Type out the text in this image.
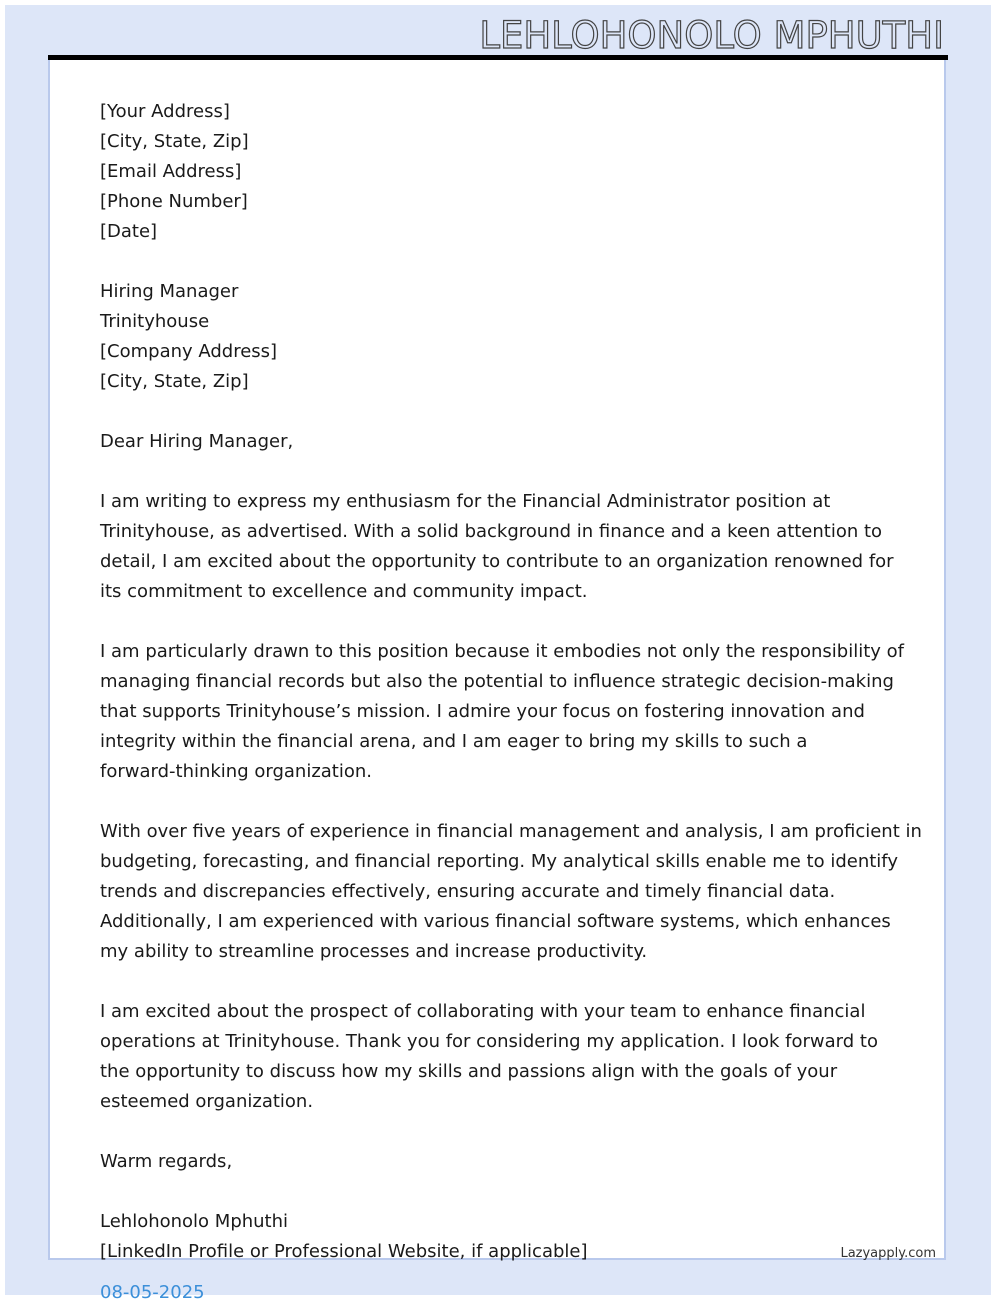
LEHLOHONOLO MPHUTHI
[Your Address]
[City, State, Zip]
[Email Address]
[Phone Number]
[Date]
Hiring Manager
Trinityhouse
[Company Address]
[City, State, Zip]
Dear Hiring Manager,
I am writing to express my enthusiasm for the Financial Administrator position at
Trinityhouse, as advertised. With a solid background in finance and a keen attention to
detail, I am excited about the opportunity to contribute to an organization renowned for
its commitment to excellence and community impact.
I am particularly drawn to this position because it embodies not only the responsibility of
managing financial records but also the potential to influence strategic decision-making
that supports Trinityhouse’s mission. I admire your focus on fostering innovation and
integrity within the financial arena, and I am eager to bring my skills to such a
forward-thinking organization.
With over five years of experience in financial management and analysis, I am proficient in
budgeting, forecasting, and financial reporting. My analytical skills enable me to identify
trends and discrepancies effectively, ensuring accurate and timely financial data.
Additionally, I am experienced with various financial software systems, which enhances
my ability to streamline processes and increase productivity.
I am excited about the prospect of collaborating with your team to enhance financial
operations at Trinityhouse. Thank you for considering my application. I look forward to
the opportunity to discuss how my skills and passions align with the goals of your
esteemed organization.
Warm regards,
Lehlohonolo Mphuthi
[LinkedIn Profile or Professional Website, if applicable]	Lazyapply.com
08-05-2025
